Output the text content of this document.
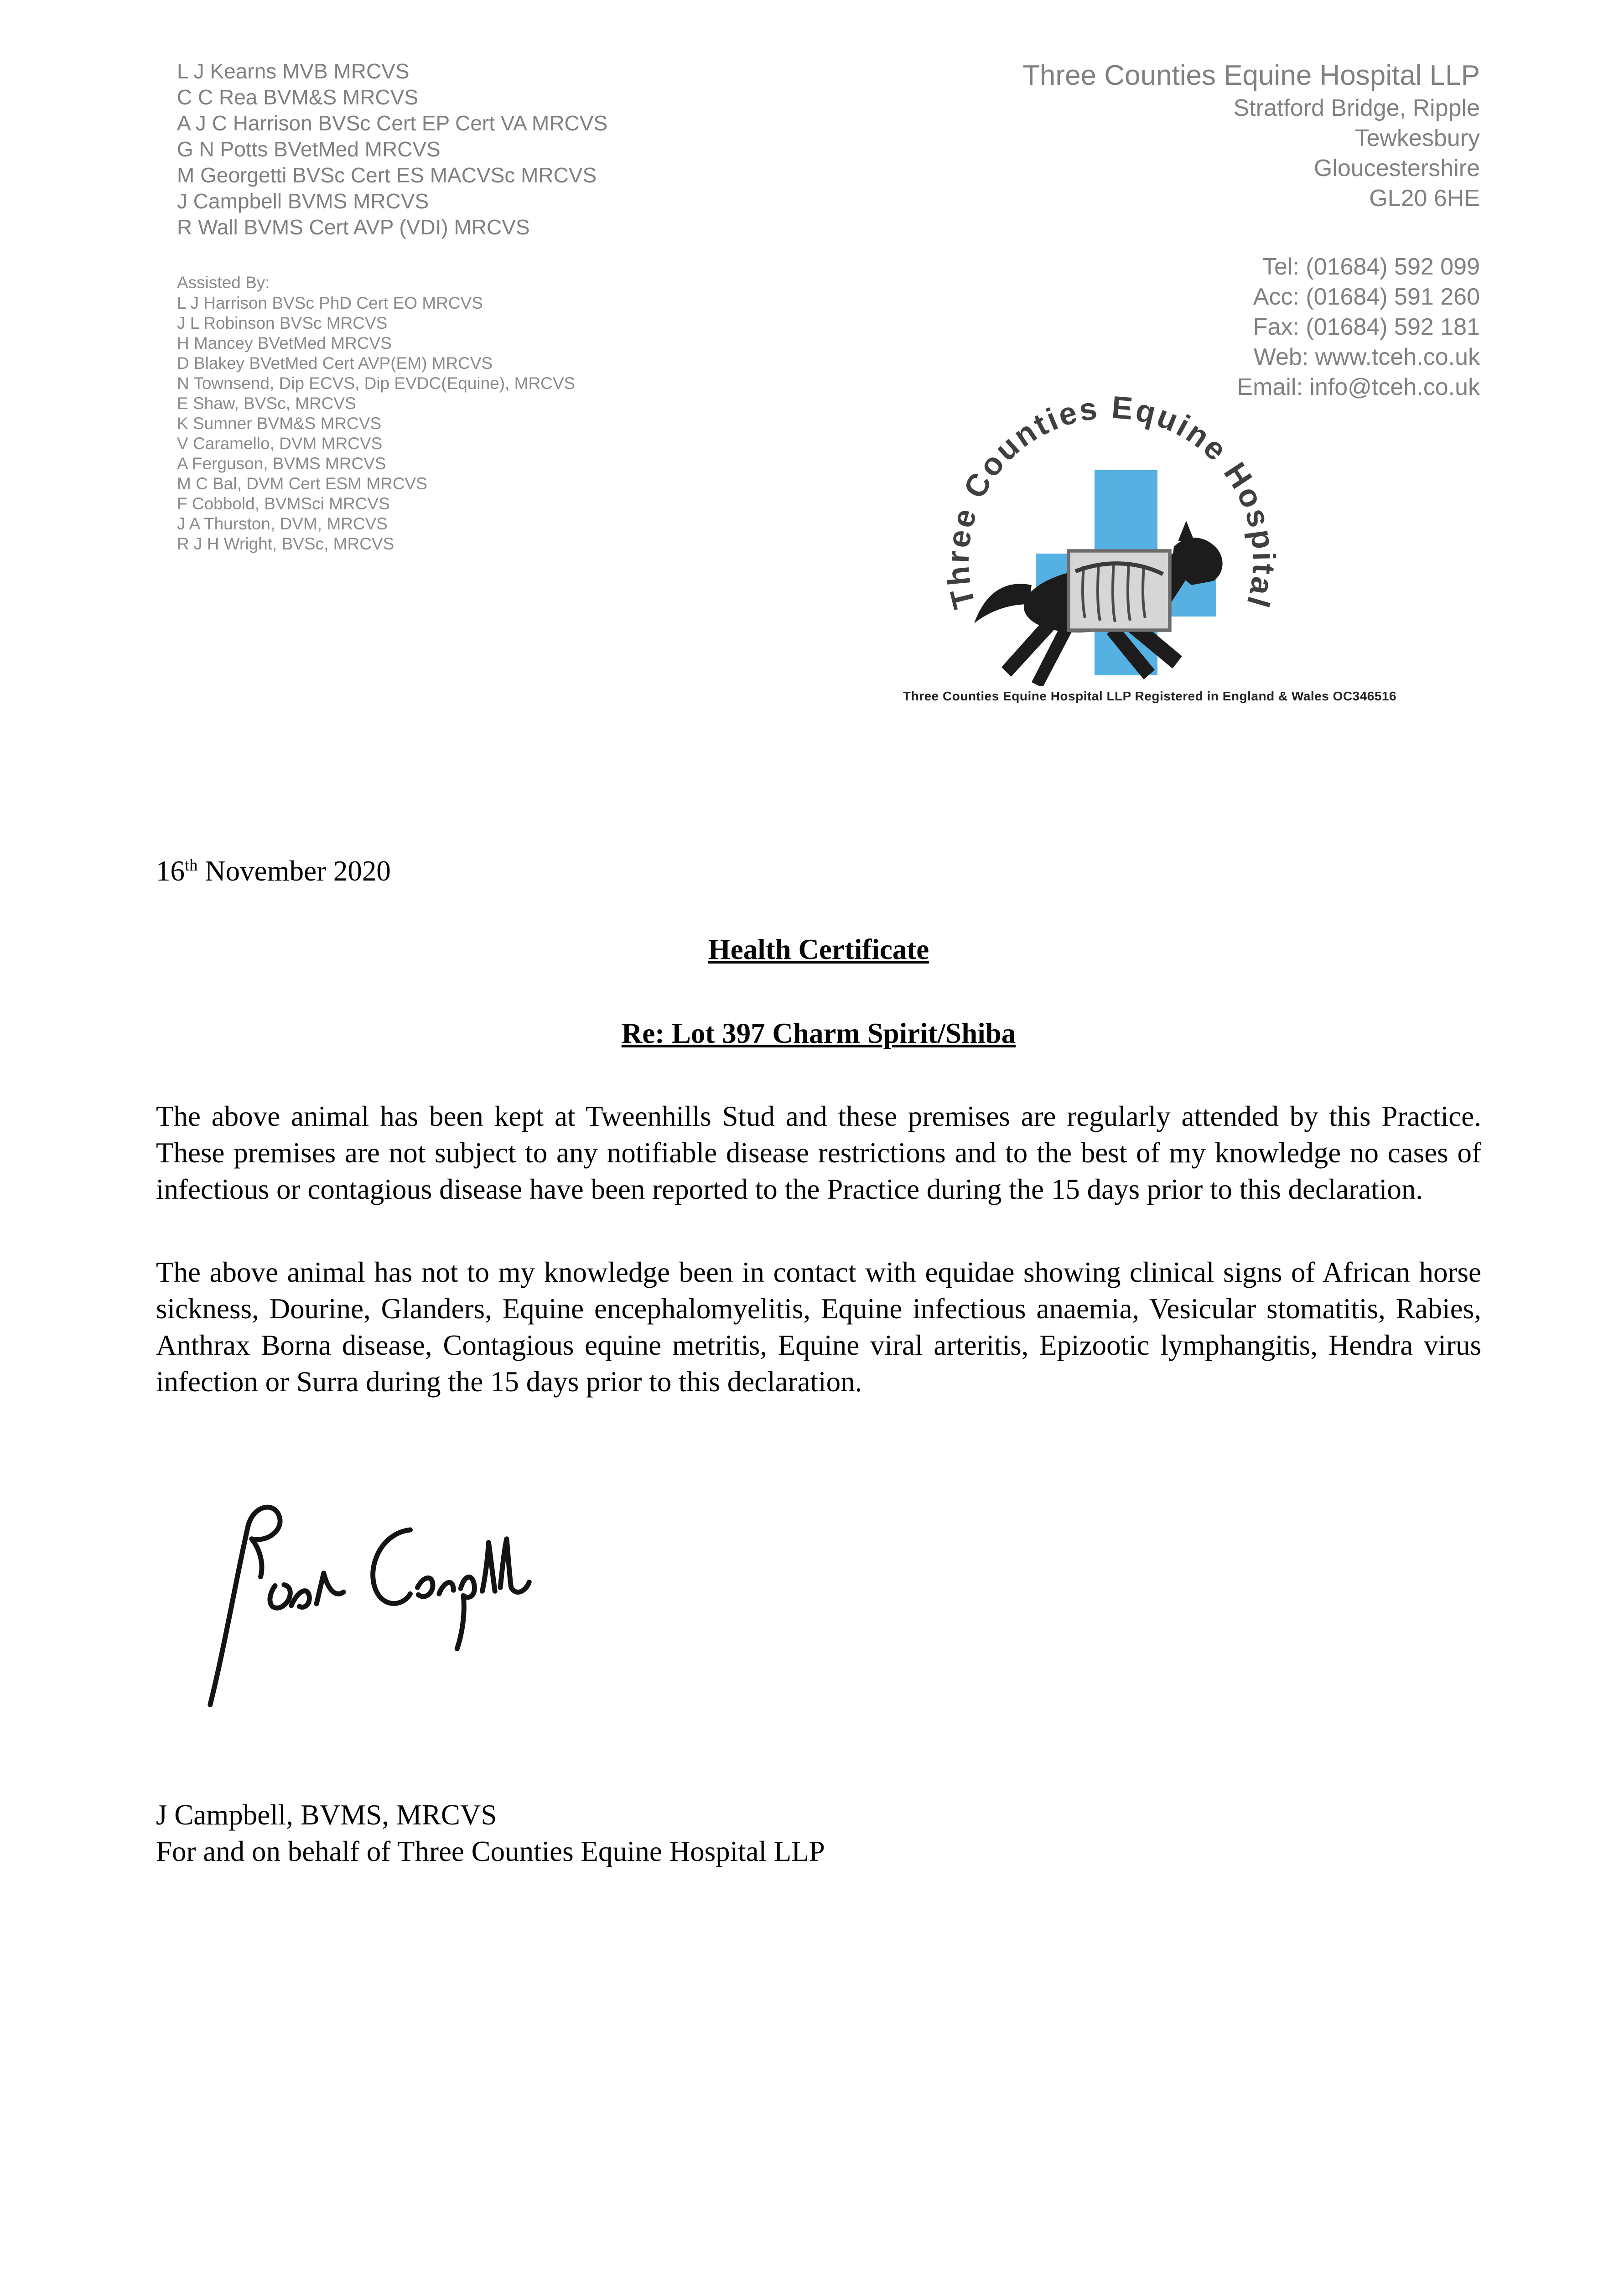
L J Kearns MVB MRCVS
C C Rea BVM&S MRCVS
A J C Harrison BVSc Cert EP Cert VA MRCVS
G N Potts BVetMed MRCVS
M Georgetti BVSc Cert ES MACVSc MRCVS
J Campbell BVMS MRCVS
R Wall BVMS Cert AVP (VDI) MRCVS
Assisted By:
L J Harrison BVSc PhD Cert EO MRCVS
J L Robinson BVSc MRCVS
H Mancey BVetMed MRCVS
D Blakey BVetMed Cert AVP(EM) MRCVS
N Townsend, Dip ECVS, Dip EVDC(Equine), MRCVS
E Shaw, BVSc, MRCVS
K Sumner BVM&S MRCVS
V Caramello, DVM MRCVS
A Ferguson, BVMS MRCVS
M C Bal, DVM Cert ESM MRCVS
F Cobbold, BVMSci MRCVS
J A Thurston, DVM, MRCVS
R J H Wright, BVSc, MRCVS
Three Counties Equine Hospital LLP
Stratford Bridge, Ripple
Tewkesbury
Gloucestershire
GL20 6HE
Tel: (01684) 592 099
Acc: (01684) 591 260
Fax: (01684) 592 181
Web: www.tceh.co.uk
Email: info@tceh.co.uk
Three Counties Equine Hospital
Three Counties Equine Hospital LLP Registered in England & Wales OC346516
16th November 2020
Health Certificate
Re: Lot 397 Charm Spirit/Shiba

The above animal has been kept at Tweenhills Stud and these premises are regularly attended by this Practice. These premises are not subject to any notifiable disease restrictions and to the best of my knowledge no cases of infectious or contagious disease have been reported to the Practice during the 15 days prior to this declaration.

The above animal has not to my knowledge been in contact with equidae showing clinical signs of African horse sickness, Dourine, Glanders, Equine encephalomyelitis, Equine infectious anaemia, Vesicular stomatitis, Rabies, Anthrax Borna disease, Contagious equine metritis, Equine viral arteritis, Epizootic lymphangitis, Hendra virus infection or Surra during the 15 days prior to this declaration.

J Campbell, BVMS, MRCVS
For and on behalf of Three Counties Equine Hospital LLP
